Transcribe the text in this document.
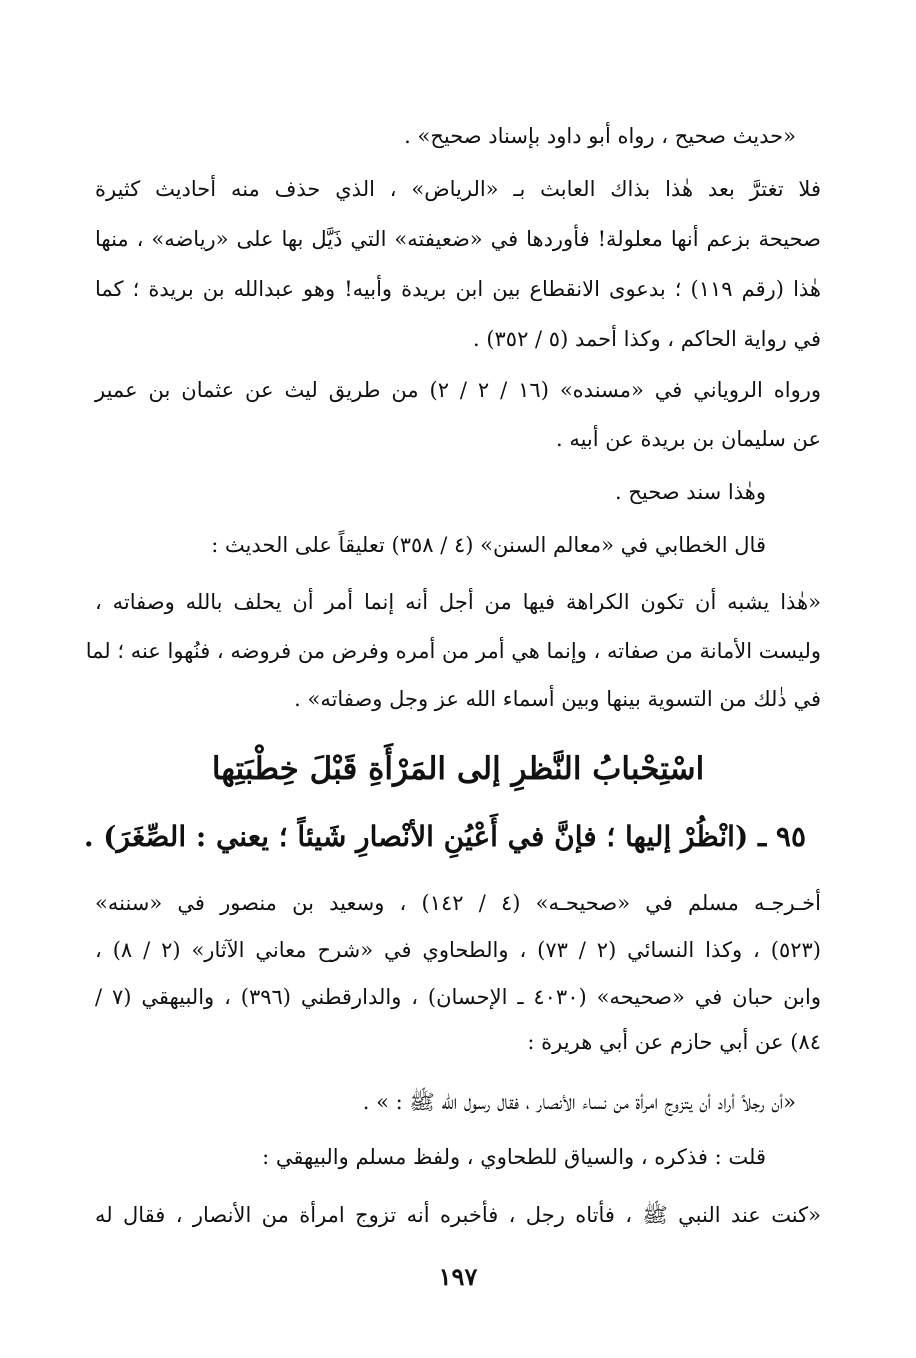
«حديث صحيح ، رواه أبو داود بإسناد صحيح» .
فلا تغترَّ بعد هٰذا بذاك العابث بـ «الرياض» ، الذي حذف منه أحاديث كثيرة
صحيحة بزعم أنها معلولة! فأوردها في «ضعيفته» التي ذَيَّل بها على «رياضه» ، منها
هٰذا (رقم ١١٩) ؛ بدعوى الانقطاع بين ابن بريدة وأبيه! وهو عبدالله بن بريدة ؛ كما
في رواية الحاكم ، وكذا أحمد (٥ / ٣٥٢) .
ورواه الروياني في «مسنده» (١٦ / ٢ / ٢) من طريق ليث عن عثمان بن عمير
عن سليمان بن بريدة عن أبيه .
وهٰذا سند صحيح .
قال الخطابي في «معالم السنن» (٤ / ٣٥٨) تعليقاً على الحديث :
«هٰذا يشبه أن تكون الكراهة فيها من أجل أنه إنما أمر أن يحلف بالله وصفاته ،
وليست الأمانة من صفاته ، وإنما هي أمر من أمره وفرض من فروضه ، فنُهوا عنه ؛ لما
في ذٰلك من التسوية بينها وبين أسماء الله عز وجل وصفاته» .
اسْتِحْبابُ النَّظرِ إلى المَرْأَةِ قَبْلَ خِطْبَتِها
٩٥ ـ (انْظُرْ إليها ؛ فإنَّ في أَعْيُنِ الأنْصارِ شَيئاً ؛ يعني : الصِّغَرَ) .
أخـرجـه مسلم في «صحيحـه» (٤ / ١٤٢) ، وسعيد بن منصور في «سننه»
(٥٢٣) ، وكذا النسائي (٢ / ٧٣) ، والطحاوي في «شرح معاني الآثار» (٢ / ٨) ،
وابن حبان في «صحيحه» (٤٠٣٠ ـ الإحسان) ، والدارقطني (٣٩٦) ، والبيهقي (٧ /
٨٤) عن أبي حازم عن أبي هريرة :
«أن رجلاً أراد أن يتزوج امرأة من نساء الأنصار ، فقال رسول الله ﷺ : » .
قلت : فذكره ، والسياق للطحاوي ، ولفظ مسلم والبيهقي :
«كنت عند النبي ﷺ ، فأتاه رجل ، فأخبره أنه تزوج امرأة من الأنصار ، فقال له
١٩٧
